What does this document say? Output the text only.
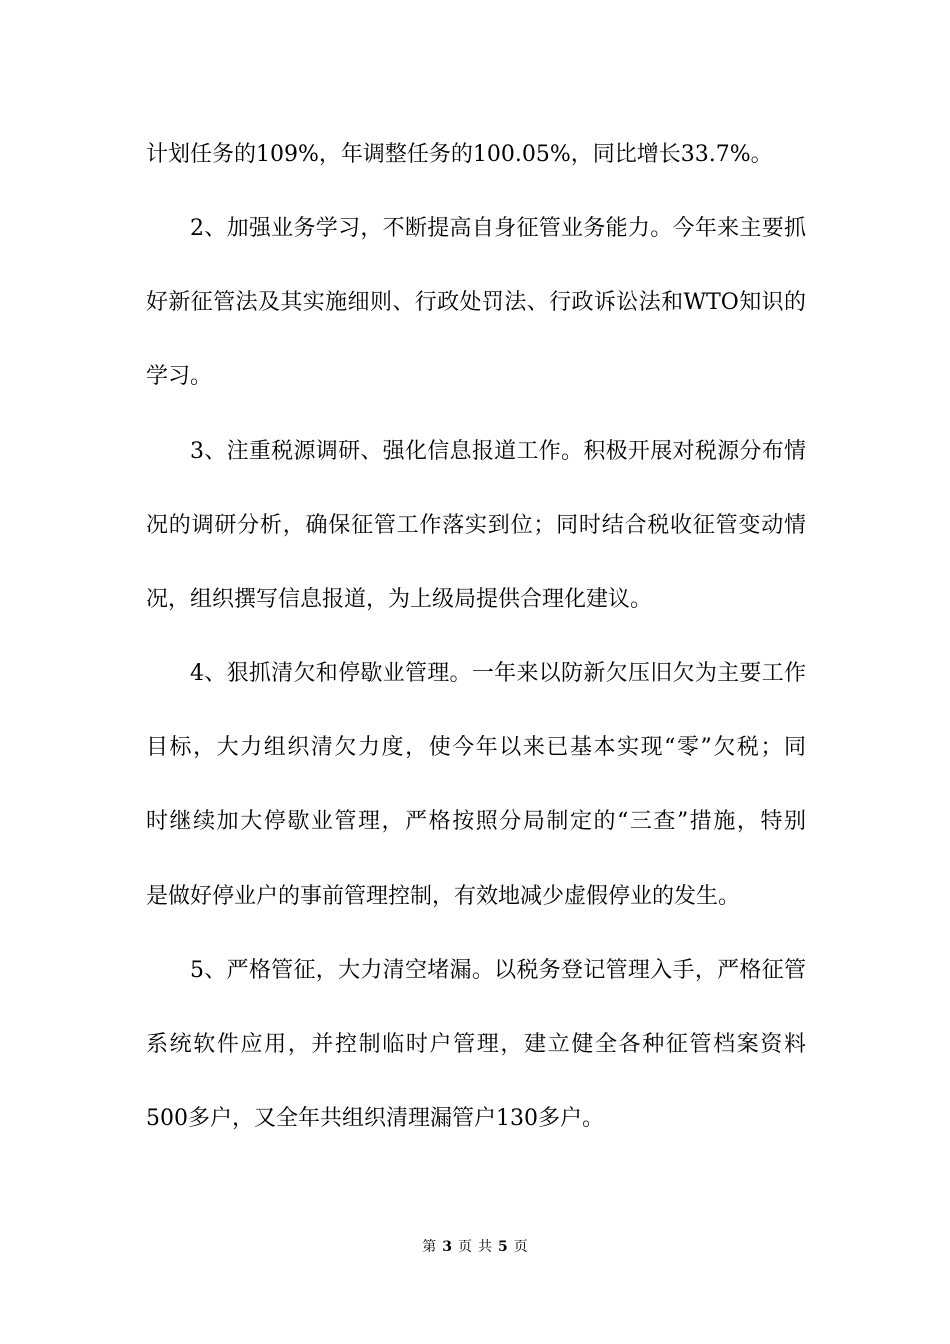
计划任务的109%，年调整任务的100.05%，同比增长33.7%。
2、加强业务学习，不断提高自身征管业务能力。今年来主要抓
好新征管法及其实施细则、行政处罚法、行政诉讼法和WTO知识的
学习。
3、注重税源调研、强化信息报道工作。积极开展对税源分布情
况的调研分析，确保征管工作落实到位；同时结合税收征管变动情
况，组织撰写信息报道，为上级局提供合理化建议。
4、狠抓清欠和停歇业管理。一年来以防新欠压旧欠为主要工作
目标，大力组织清欠力度，使今年以来已基本实现“零”欠税；同
时继续加大停歇业管理，严格按照分局制定的“三查”措施，特别
是做好停业户的事前管理控制，有效地减少虚假停业的发生。
5、严格管征，大力清空堵漏。以税务登记管理入手，严格征管
系统软件应用，并控制临时户管理，建立健全各种征管档案资料
500多户，又全年共组织清理漏管户130多户。
第 3 页 共 5 页
